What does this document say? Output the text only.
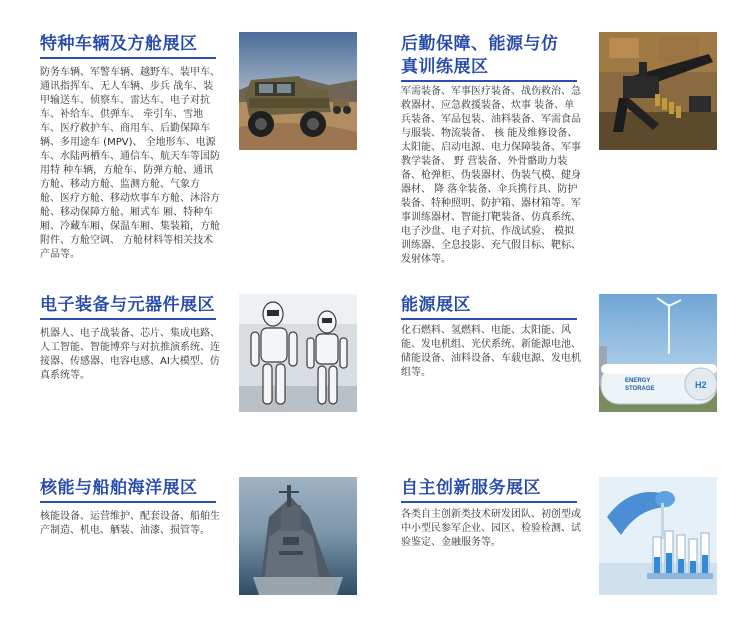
特种车辆及方舱展区
防务车辆、军警车辆、越野车、装甲车、通讯指挥车、无人车辆、步兵 战车、装甲输送车、侦察车、雷达车、电子对抗车、补给车、供弹车、 牵引车、雪地车、医疗救护车、商用车、后勤保障车辆、多用途车 (MPV)、 全地形车、电源车、水陆两栖车、通信车、航天车等国防用特 种车辆，方舱车、防弹方舱、通讯方舱、移动方舱、监测方舱、气象方 舱、医疗方舱、移动炊事车方舱、沐浴方舱、移动保障方舱、厢式车 厢、特种车厢、冷藏车厢、保温车厢、集装箱，方舱附件、方舱空调、 方舱材料等相关技术产品等。
后勤保障、能源与仿真训练展区
军需装备、军事医疗装备、战伤救治、急救器材、应急救援装备、炊事 装备、单兵装备、军品包装、油料装备、军需食品与服装、物流装备、 核 能及维修设备、太阳能、启动电源、电力保障装备、军事教学装备、 野 营装备、外骨骼助力装备、枪弹柜、伪装器材、伪装气模、健身器材、 降 落伞装备、伞兵携行具、防护装备、特种照明、防护箱、器材箱等。军事训练器材、智能打靶装备、仿真系统、电子沙盘、电子对抗、作战试验、 模拟训练器、全息投影、充气假目标、靶标、发射体等。
电子装备与元器件展区
机器人、电子战装备、芯片、集成电路、人工智能、智能博弈与对抗推演系统、连接器、传感器、电容电感、AI大模型、仿真系统等。
能源展区
化石燃料、氢燃料、电能、太阳能、风能、发电机组、光伏系统、新能源电池、储能设备、油料设备、车载电源、发电机组等。
ENERGY
STORAGE	H2
核能与船舶海洋展区
核能设备、运营维护、配套设备、船舶生产制造、机电、舾装、油漆、损管等。
自主创新服务展区
各类自主创新类技术研发团队、初创型或中小型民参军企业、园区、检验检测、试验鉴定、金融服务等。
